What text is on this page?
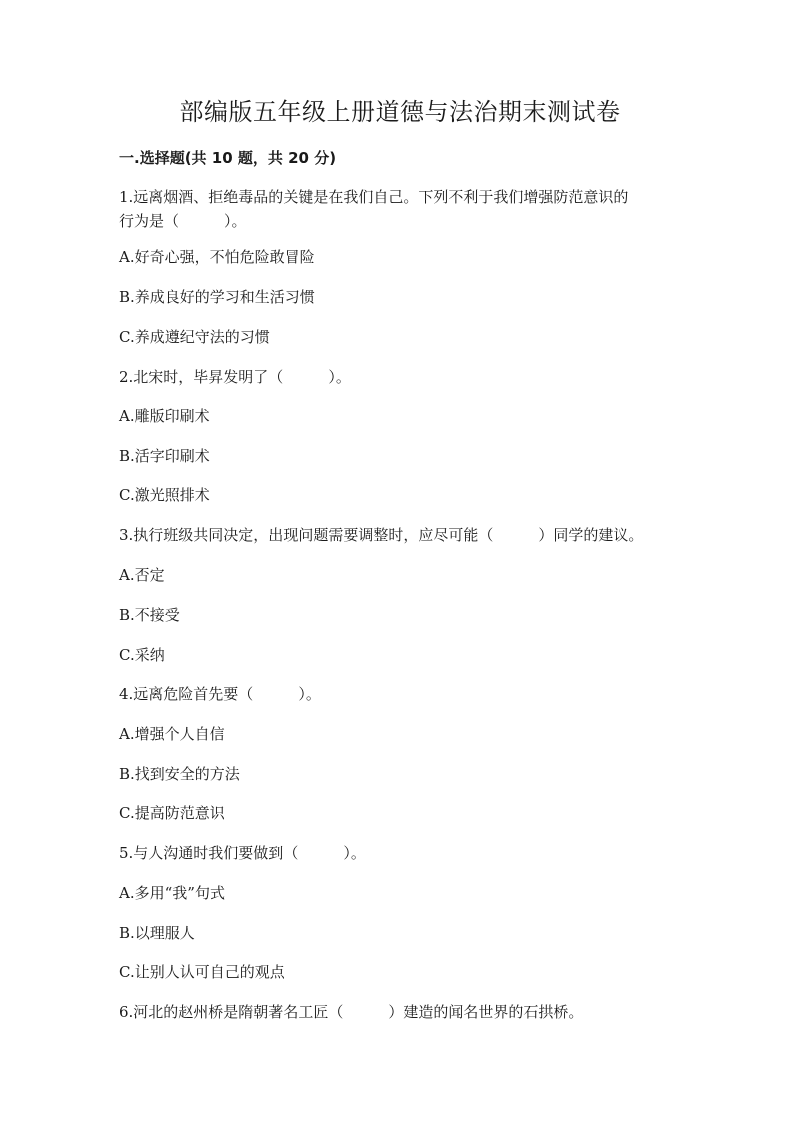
部编版五年级上册道德与法治期末测试卷
一.选择题(共 10 题，共 20 分)
1.远离烟酒、拒绝毒品的关键是在我们自己。下列不利于我们增强防范意识的
行为是（　　　）。
A.好奇心强，不怕危险敢冒险
B.养成良好的学习和生活习惯
C.养成遵纪守法的习惯
2.北宋时，毕昇发明了（　　　）。
A.雕版印刷术
B.活字印刷术
C.激光照排术
3.执行班级共同决定，出现问题需要调整时，应尽可能（　　　）同学的建议。
A.否定
B.不接受
C.采纳
4.远离危险首先要（　　　）。
A.增强个人自信
B.找到安全的方法
C.提高防范意识
5.与人沟通时我们要做到（　　　）。
A.多用“我”句式
B.以理服人
C.让别人认可自己的观点
6.河北的赵州桥是隋朝著名工匠（　　　）建造的闻名世界的石拱桥。
